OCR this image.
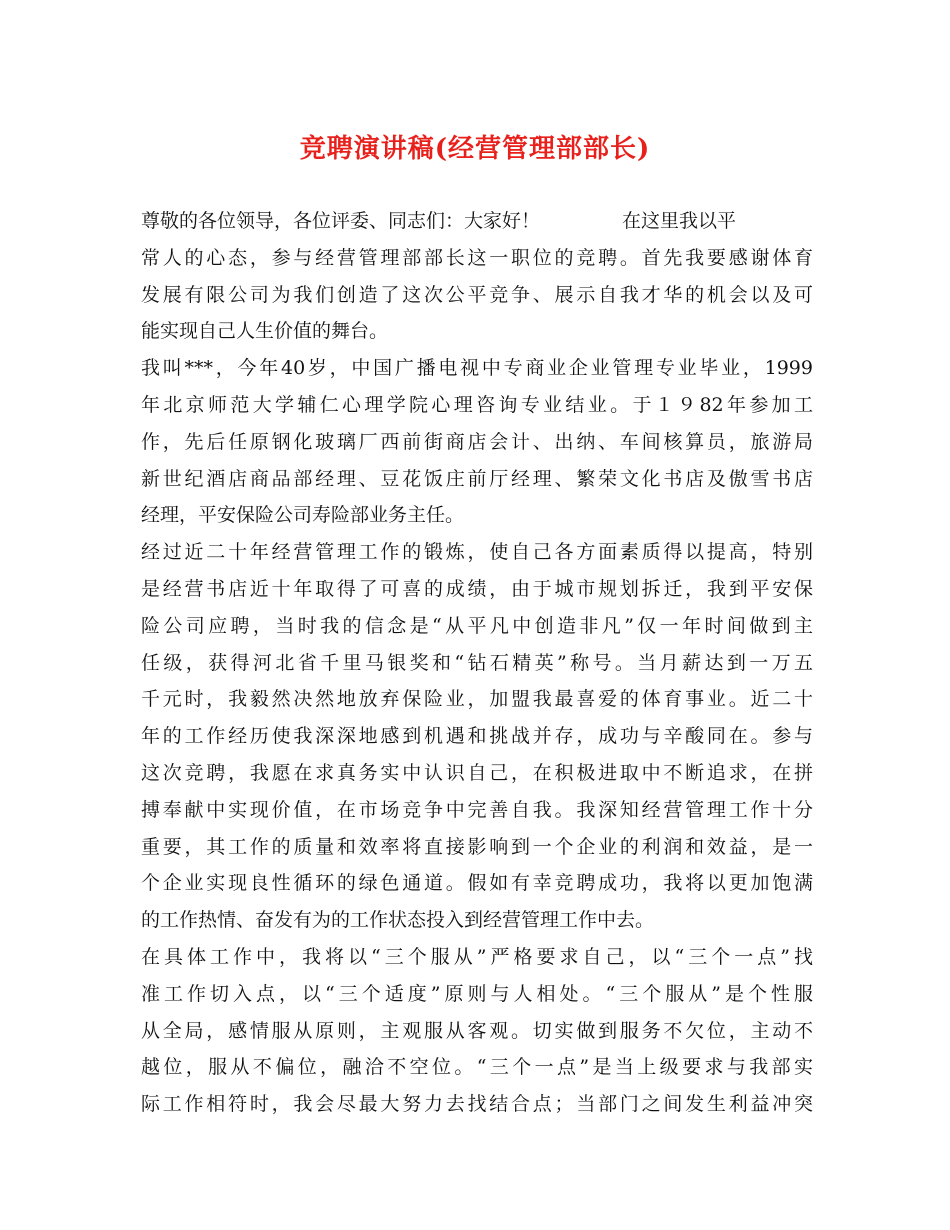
竞聘演讲稿(经营管理部部长)
尊敬的各位领导，各位评委、同志们：大家好！	在这里我以平
常人的心态，参与经营管理部部长这一职位的竞聘。首先我要感谢体育
发展有限公司为我们创造了这次公平竞争、展示自我才华的机会以及可
能实现自己人生价值的舞台。
我叫***，今年40岁，中国广播电视中专商业企业管理专业毕业，1999
年北京师范大学辅仁心理学院心理咨询专业结业。于１９82年参加工
作，先后任原钢化玻璃厂西前街商店会计、出纳、车间核算员，旅游局
新世纪酒店商品部经理、豆花饭庄前厅经理、繁荣文化书店及傲雪书店
经理，平安保险公司寿险部业务主任。
经过近二十年经营管理工作的锻炼，使自己各方面素质得以提高，特别
是经营书店近十年取得了可喜的成绩，由于城市规划拆迁，我到平安保
险公司应聘，当时我的信念是“从平凡中创造非凡”仅一年时间做到主
任级，获得河北省千里马银奖和“钻石精英”称号。当月薪达到一万五
千元时，我毅然决然地放弃保险业，加盟我最喜爱的体育事业。近二十
年的工作经历使我深深地感到机遇和挑战并存，成功与辛酸同在。参与
这次竞聘，我愿在求真务实中认识自己，在积极进取中不断追求，在拼
搏奉献中实现价值，在市场竞争中完善自我。我深知经营管理工作十分
重要，其工作的质量和效率将直接影响到一个企业的利润和效益，是一
个企业实现良性循环的绿色通道。假如有幸竞聘成功，我将以更加饱满
的工作热情、奋发有为的工作状态投入到经营管理工作中去。
在具体工作中，我将以“三个服从”严格要求自己，以“三个一点”找
准工作切入点，以“三个适度”原则与人相处。“三个服从”是个性服
从全局，感情服从原则，主观服从客观。切实做到服务不欠位，主动不
越位，服从不偏位，融洽不空位。“三个一点”是当上级要求与我部实
际工作相符时，我会尽最大努力去找结合点；当部门之间发生利益冲突
